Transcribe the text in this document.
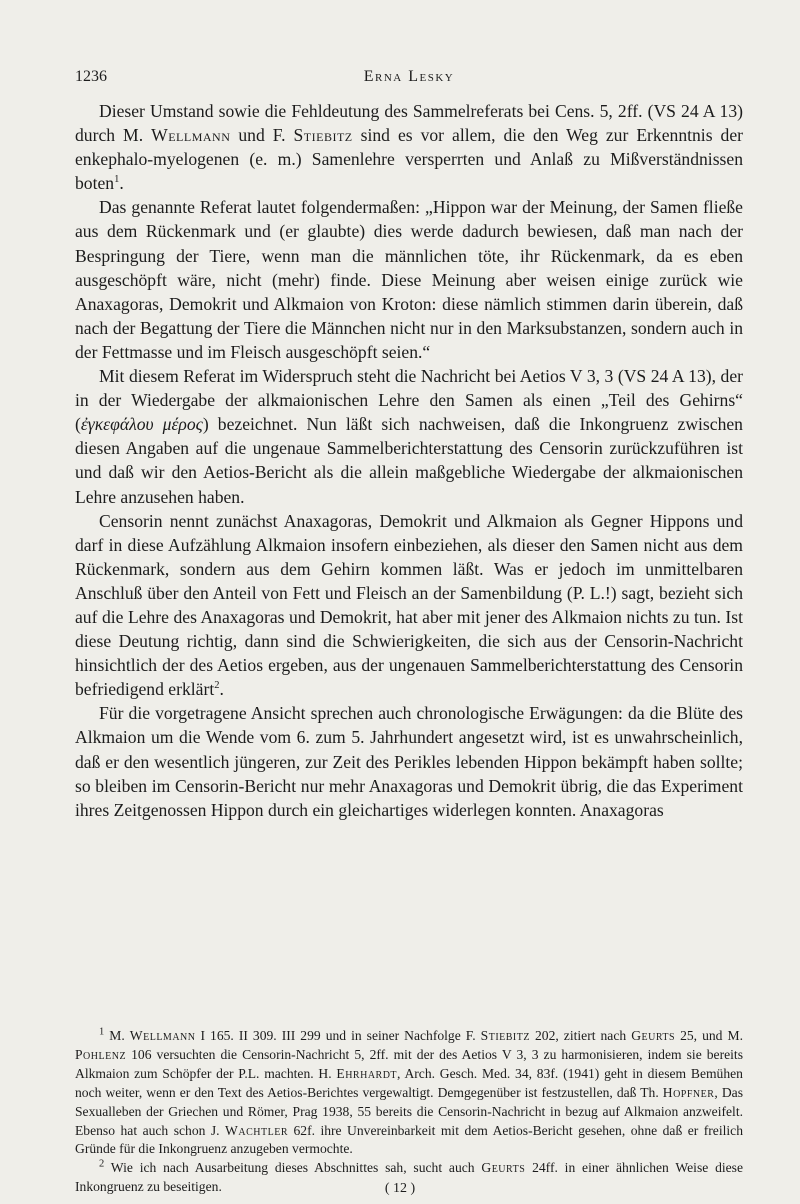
1236	Erna Lesky

Dieser Umstand sowie die Fehldeutung des Sammelreferats bei Cens. 5, 2ff. (VS 24 A 13) durch M. Wellmann und F. Stiebitz sind es vor allem, die den Weg zur Erkenntnis der enkephalo-myelogenen (e. m.) Samenlehre versperrten und Anlaß zu Mißverständnissen boten$^1$.

Das genannte Referat lautet folgendermaßen: „Hippon war der Meinung, der Samen fließe aus dem Rückenmark und (er glaubte) dies werde dadurch bewiesen, daß man nach der Bespringung der Tiere, wenn man die männlichen töte, ihr Rückenmark, da es eben ausgeschöpft wäre, nicht (mehr) finde. Diese Meinung aber weisen einige zurück wie Anaxagoras, Demokrit und Alkmaion von Kroton: diese nämlich stimmen darin überein, daß nach der Begattung der Tiere die Männchen nicht nur in den Marksubstanzen, sondern auch in der Fettmasse und im Fleisch ausgeschöpft seien.“

Mit diesem Referat im Widerspruch steht die Nachricht bei Aetios V 3, 3 (VS 24 A 13), der in der Wiedergabe der alkmaionischen Lehre den Samen als einen „Teil des Gehirns“ (ἐγκεφάλου μέρος) bezeichnet. Nun läßt sich nachweisen, daß die Inkongruenz zwischen diesen Angaben auf die ungenaue Sammelberichterstattung des Censorin zurückzuführen ist und daß wir den Aetios-Bericht als die allein maßgebliche Wiedergabe der alkmaionischen Lehre anzusehen haben.

Censorin nennt zunächst Anaxagoras, Demokrit und Alkmaion als Gegner Hippons und darf in diese Aufzählung Alkmaion insofern einbeziehen, als dieser den Samen nicht aus dem Rückenmark, sondern aus dem Gehirn kommen läßt. Was er jedoch im unmittelbaren Anschluß über den Anteil von Fett und Fleisch an der Samenbildung (P. L.!) sagt, bezieht sich auf die Lehre des Anaxagoras und Demokrit, hat aber mit jener des Alkmaion nichts zu tun. Ist diese Deutung richtig, dann sind die Schwierigkeiten, die sich aus der Censorin-Nachricht hinsichtlich der des Aetios ergeben, aus der ungenauen Sammelberichterstattung des Censorin befriedigend erklärt$^2$.

Für die vorgetragene Ansicht sprechen auch chronologische Erwägungen: da die Blüte des Alkmaion um die Wende vom 6. zum 5. Jahrhundert angesetzt wird, ist es unwahrscheinlich, daß er den wesentlich jüngeren, zur Zeit des Perikles lebenden Hippon bekämpft haben sollte; so bleiben im Censorin-Bericht nur mehr Anaxagoras und Demokrit übrig, die das Experiment ihres Zeitgenossen Hippon durch ein gleichartiges widerlegen konnten. Anaxagoras

$^1$ M. Wellmann I 165. II 309. III 299 und in seiner Nachfolge F. Stiebitz 202, zitiert nach Geurts 25, und M. Pohlenz 106 versuchten die Censorin-Nachricht 5, 2ff. mit der des Aetios V 3, 3 zu harmonisieren, indem sie bereits Alkmaion zum Schöpfer der P.L. machten. H. Ehrhardt, Arch. Gesch. Med. 34, 83f. (1941) geht in diesem Bemühen noch weiter, wenn er den Text des Aetios-Berichtes vergewaltigt. Demgegenüber ist festzustellen, daß Th. Hopfner, Das Sexualleben der Griechen und Römer, Prag 1938, 55 bereits die Censorin-Nachricht in bezug auf Alkmaion anzweifelt. Ebenso hat auch schon J. Wachtler 62f. ihre Unvereinbarkeit mit dem Aetios-Bericht gesehen, ohne daß er freilich Gründe für die Inkongruenz anzugeben vermochte.

$^2$ Wie ich nach Ausarbeitung dieses Abschnittes sah, sucht auch Geurts 24ff. in einer ähnlichen Weise diese Inkongruenz zu beseitigen.	( 12 )
